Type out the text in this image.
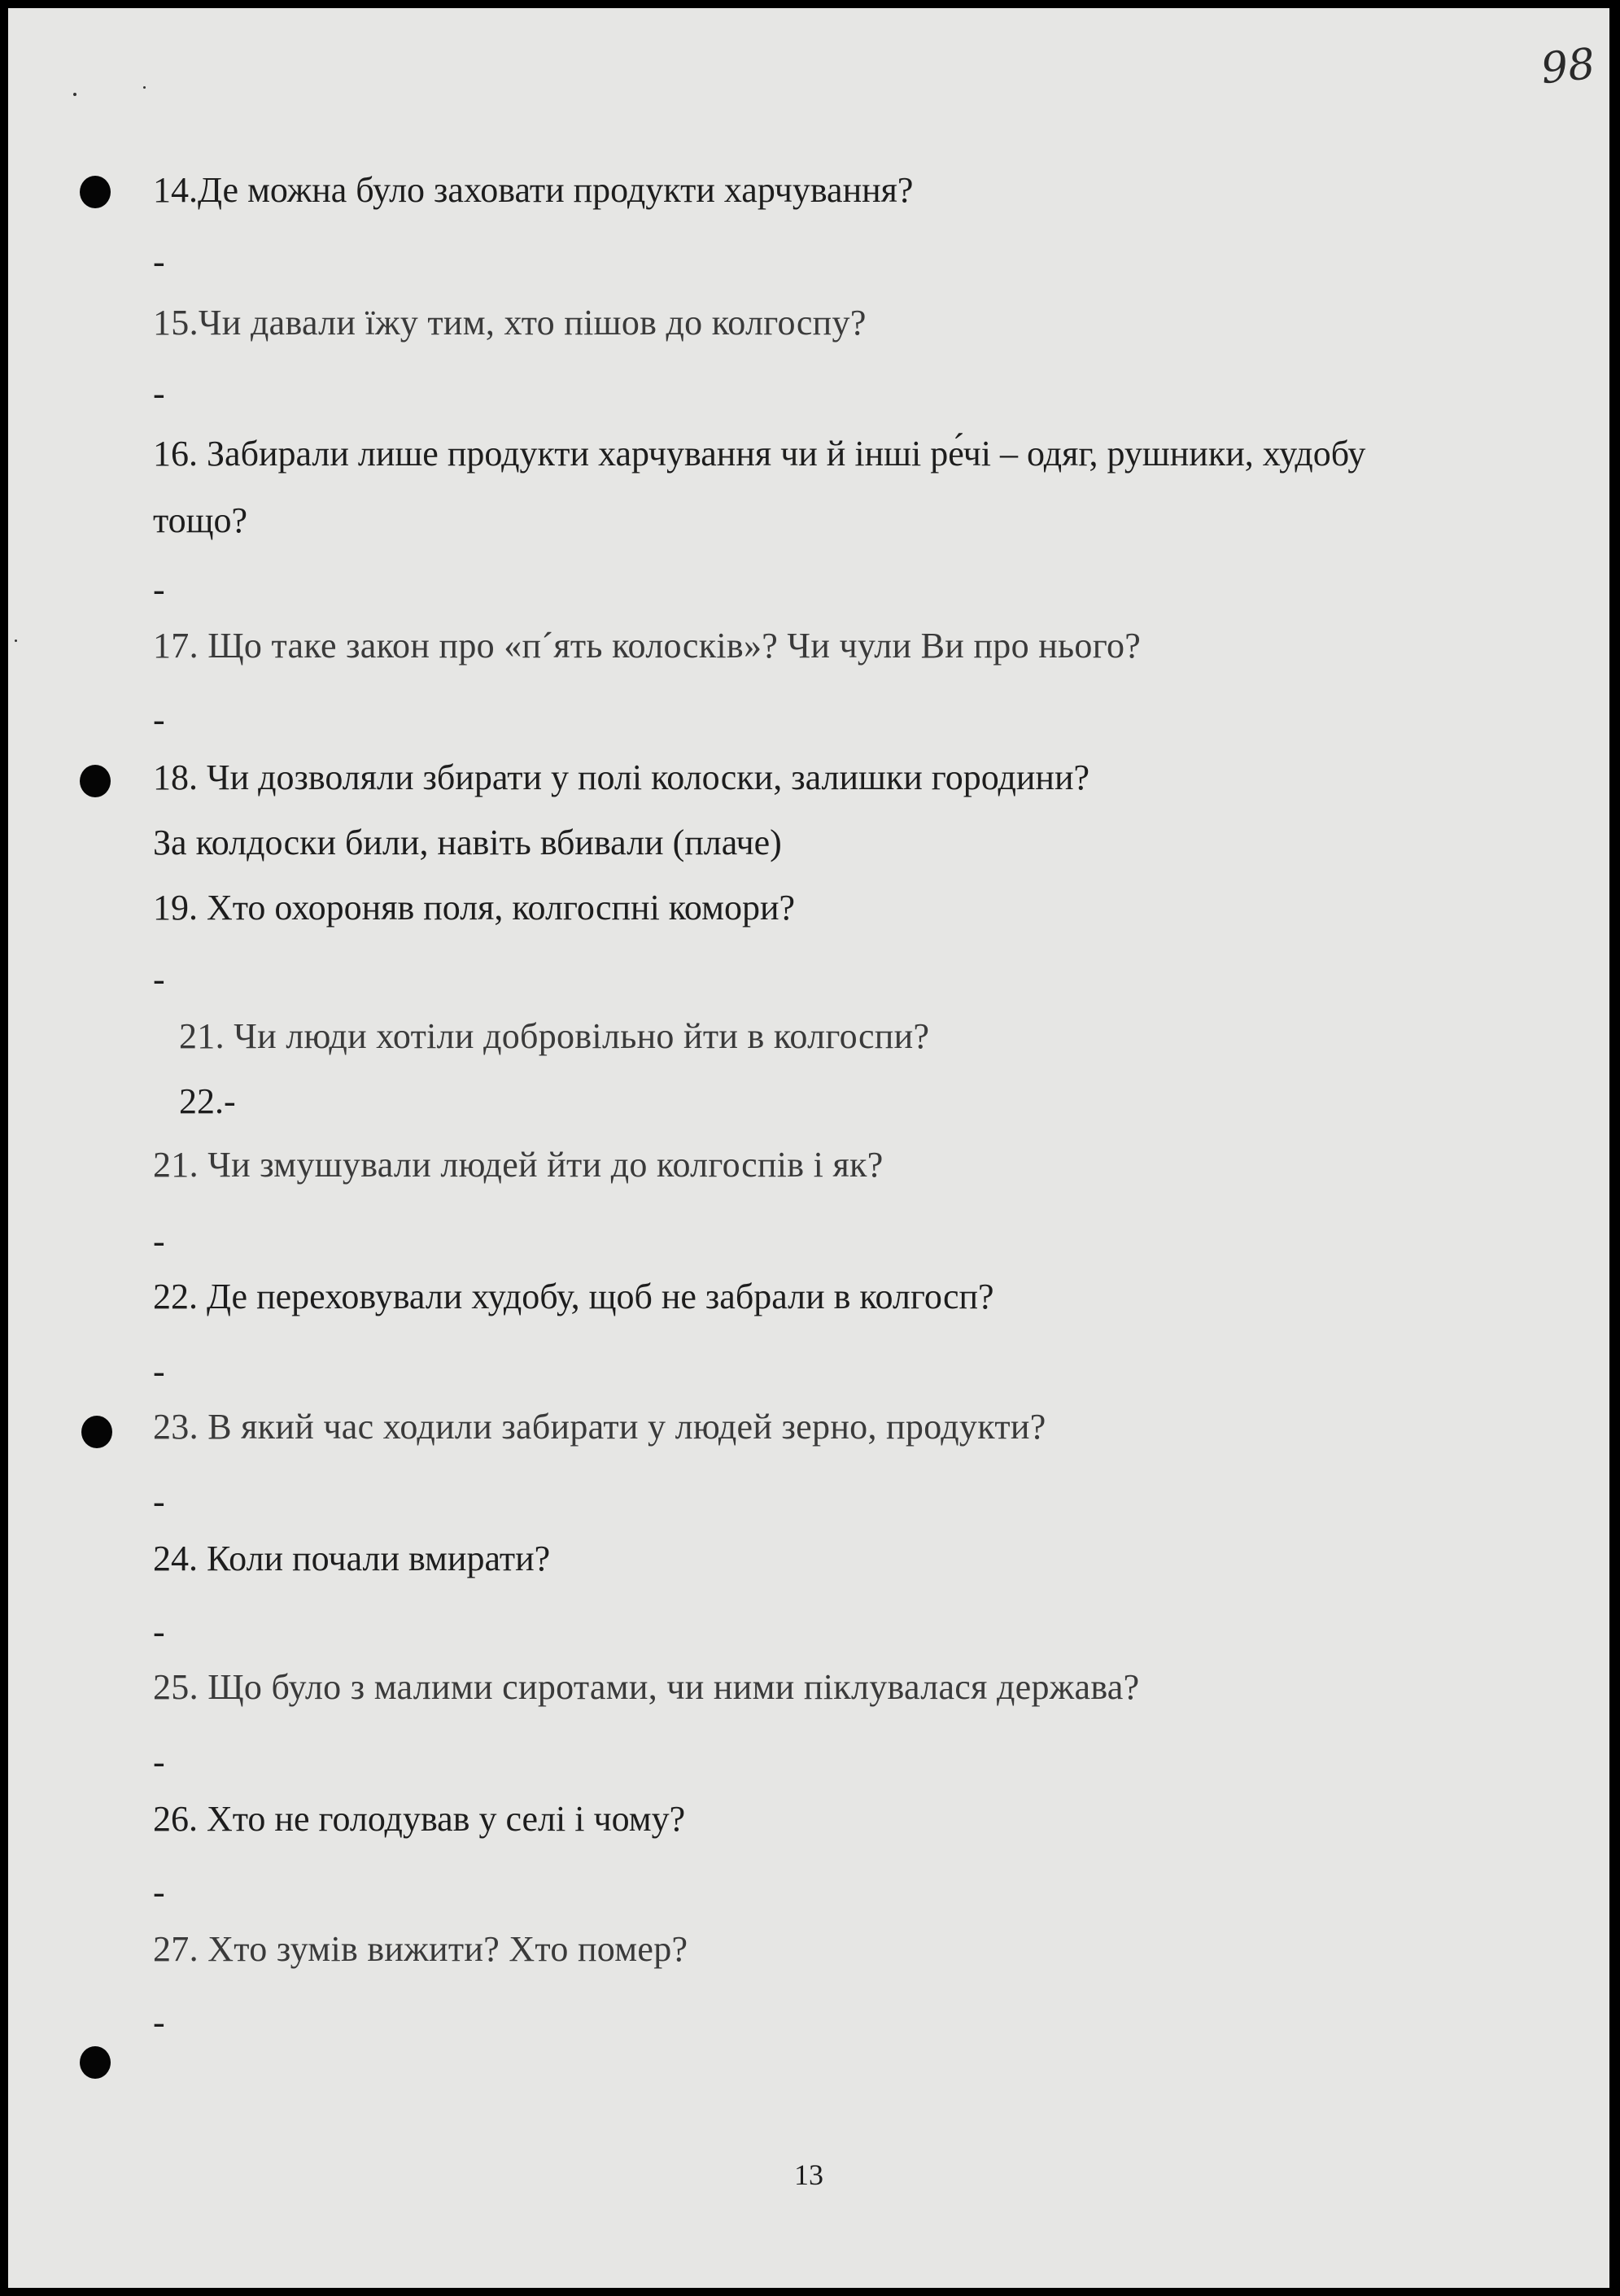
98
14.Де можна було заховати продукти харчування?
-
15.Чи давали їжу тим, хто пішов до колгоспу?
-
16. Забирали лише продукти харчування чи й інші ре́чі – одяг, рушники, худобу
тощо?
-
17. Що таке закон про «п´ять колосків»? Чи чули Ви про нього?
-
18. Чи дозволяли збирати у полі колоски, залишки городини?
За колдоски били, навіть вбивали (плаче)
19. Хто охороняв поля, колгоспні комори?
-
21. Чи люди хотіли добровільно йти в колгоспи?
22.-
21. Чи змушували людей йти до колгоспів і як?
-
22. Де переховували худобу, щоб не забрали в колгосп?
-
23. В який час ходили забирати у людей зерно, продукти?
-
24. Коли почали вмирати?
-
25. Що було з малими сиротами, чи ними піклувалася держава?
-
26. Хто не голодував у селі і чому?
-
27. Хто зумів вижити? Хто помер?
-
13
